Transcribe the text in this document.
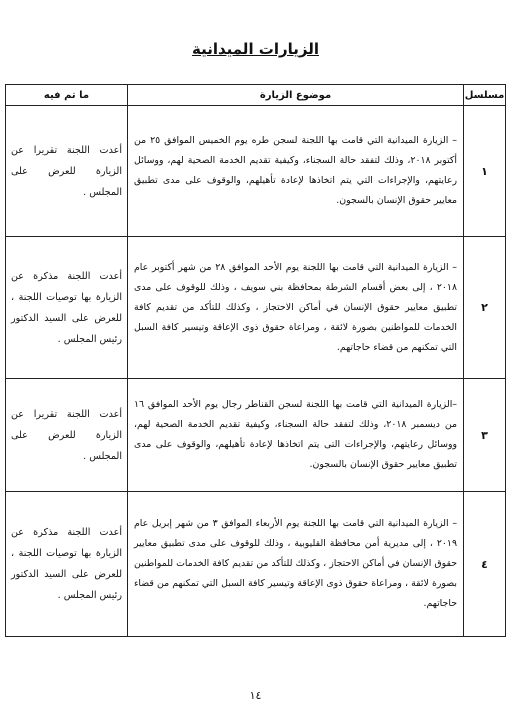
الزيارات الميدانية
مسلسل	موضوع الزيارة	ما تم فيه
١	– الزيارة الميدانية التي قامت بها اللجنة لسجن طره يوم الخميس الموافق ٢٥ من أكتوبر ٢٠١٨، وذلك لتفقد حالة السجناء، وكيفية تقديم الخدمة الصحية لهم، ووسائل رعايتهم، والإجراءات التي يتم اتخاذها لإعادة تأهيلهم، والوقوف على مدى تطبيق معايير حقوق الإنسان بالسجون.	أعدت اللجنة تقريرا عن الزيارة للعرض على المجلس .
٢	– الزيارة الميدانية التي قامت بها اللجنة يوم الأحد الموافق ٢٨ من شهر أكتوبر عام ٢٠١٨ ، إلى بعض أقسام الشرطة بمحافظة بني سويف ، وذلك للوقوف على مدى تطبيق معايير حقوق الإنسان في أماكن الاحتجاز ، وكذلك للتأكد من تقديم كافة الخدمات للمواطنين بصورة لائقة ، ومراعاة حقوق ذوى الإعاقة وتيسير كافة السبل التي تمكنهم من قضاء حاجاتهم.	أعدت اللجنة مذكرة عن الزيارة بها توصيات اللجنة ، للعرض على السيد الدكتور رئيس المجلس .
٣	–الزيارة الميدانية التي قامت بها اللجنة لسجن القناطر رجال يوم الأحد الموافق ١٦ من ديسمبر ٢٠١٨، وذلك لتفقد حالة السجناء، وكيفية تقديم الخدمة الصحية لهم، ووسائل رعايتهم، والإجراءات التى يتم اتخاذها لإعادة تأهيلهم، والوقوف على مدى تطبيق معايير حقوق الإنسان بالسجون.	أعدت اللجنة تقريرا عن الزيارة للعرض على المجلس .
٤	– الزيارة الميدانية التي قامت بها اللجنة يوم الأربعاء الموافق ٣ من شهر إبريل عام ٢٠١٩ ، إلى مديرية أمن محافظة القليوبية ، وذلك للوقوف على مدى تطبيق معايير حقوق الإنسان في أماكن الاحتجاز ، وكذلك للتأكد من تقديم كافة الخدمات للمواطنين بصورة لائقة ، ومراعاة حقوق ذوى الإعاقة وتيسير كافة السبل التي تمكنهم من قضاء حاجاتهم.	أعدت اللجنة مذكرة عن الزيارة بها توصيات اللجنة ، للعرض على السيد الدكتور رئيس المجلس .
١٤
